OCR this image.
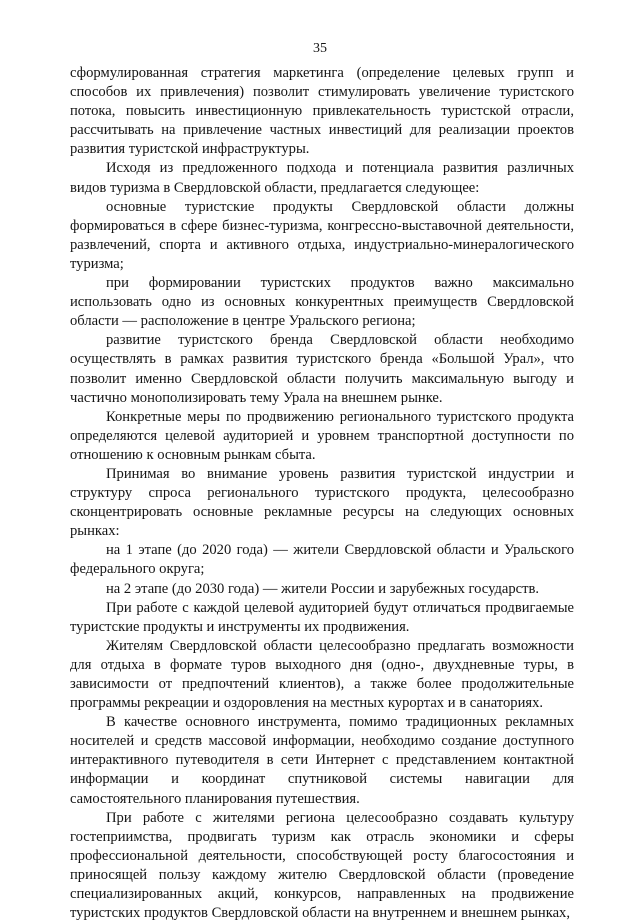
35

сформулированная стратегия маркетинга (определение целевых групп и способов их привлечения) позволит стимулировать увеличение туристского потока, повысить инвестиционную привлекательность туристской отрасли, рассчитывать на привлечение частных инвестиций для реализации проектов развития туристской инфраструктуры.

Исходя из предложенного подхода и потенциала развития различных видов туризма в Свердловской области, предлагается следующее:

основные туристские продукты Свердловской области должны формироваться в сфере бизнес-туризма, конгрессно-выставочной деятельности, развлечений, спорта и активного отдыха, индустриально-минералогического туризма;

при формировании туристских продуктов важно максимально использовать одно из основных конкурентных преимуществ Свердловской области — расположение в центре Уральского региона;

развитие туристского бренда Свердловской области необходимо осуществлять в рамках развития туристского бренда «Большой Урал», что позволит именно Свердловской области получить максимальную выгоду и частично монополизировать тему Урала на внешнем рынке.

Конкретные меры по продвижению регионального туристского продукта определяются целевой аудиторией и уровнем транспортной доступности по отношению к основным рынкам сбыта.

Принимая во внимание уровень развития туристской индустрии и структуру спроса регионального туристского продукта, целесообразно сконцентрировать основные рекламные ресурсы на следующих основных рынках:

на 1 этапе (до 2020 года) — жители Свердловской области и Уральского федерального округа;

на 2 этапе (до 2030 года) — жители России и зарубежных государств.

При работе с каждой целевой аудиторией будут отличаться продвигаемые туристские продукты и инструменты их продвижения.

Жителям Свердловской области целесообразно предлагать возможности для отдыха в формате туров выходного дня (одно-, двухдневные туры, в зависимости от предпочтений клиентов), а также более продолжительные программы рекреации и оздоровления на местных курортах и в санаториях.

В качестве основного инструмента, помимо традиционных рекламных носителей и средств массовой информации, необходимо создание доступного интерактивного путеводителя в сети Интернет с представлением контактной информации и координат спутниковой системы навигации для самостоятельного планирования путешествия.

При работе с жителями региона целесообразно создавать культуру гостеприимства, продвигать туризм как отрасль экономики и сферы профессиональной деятельности, способствующей росту благосостояния и приносящей пользу каждому жителю Свердловской области (проведение специализированных акций, конкурсов, направленных на продвижение туристских продуктов Свердловской области на внутреннем и внешнем рынках,
